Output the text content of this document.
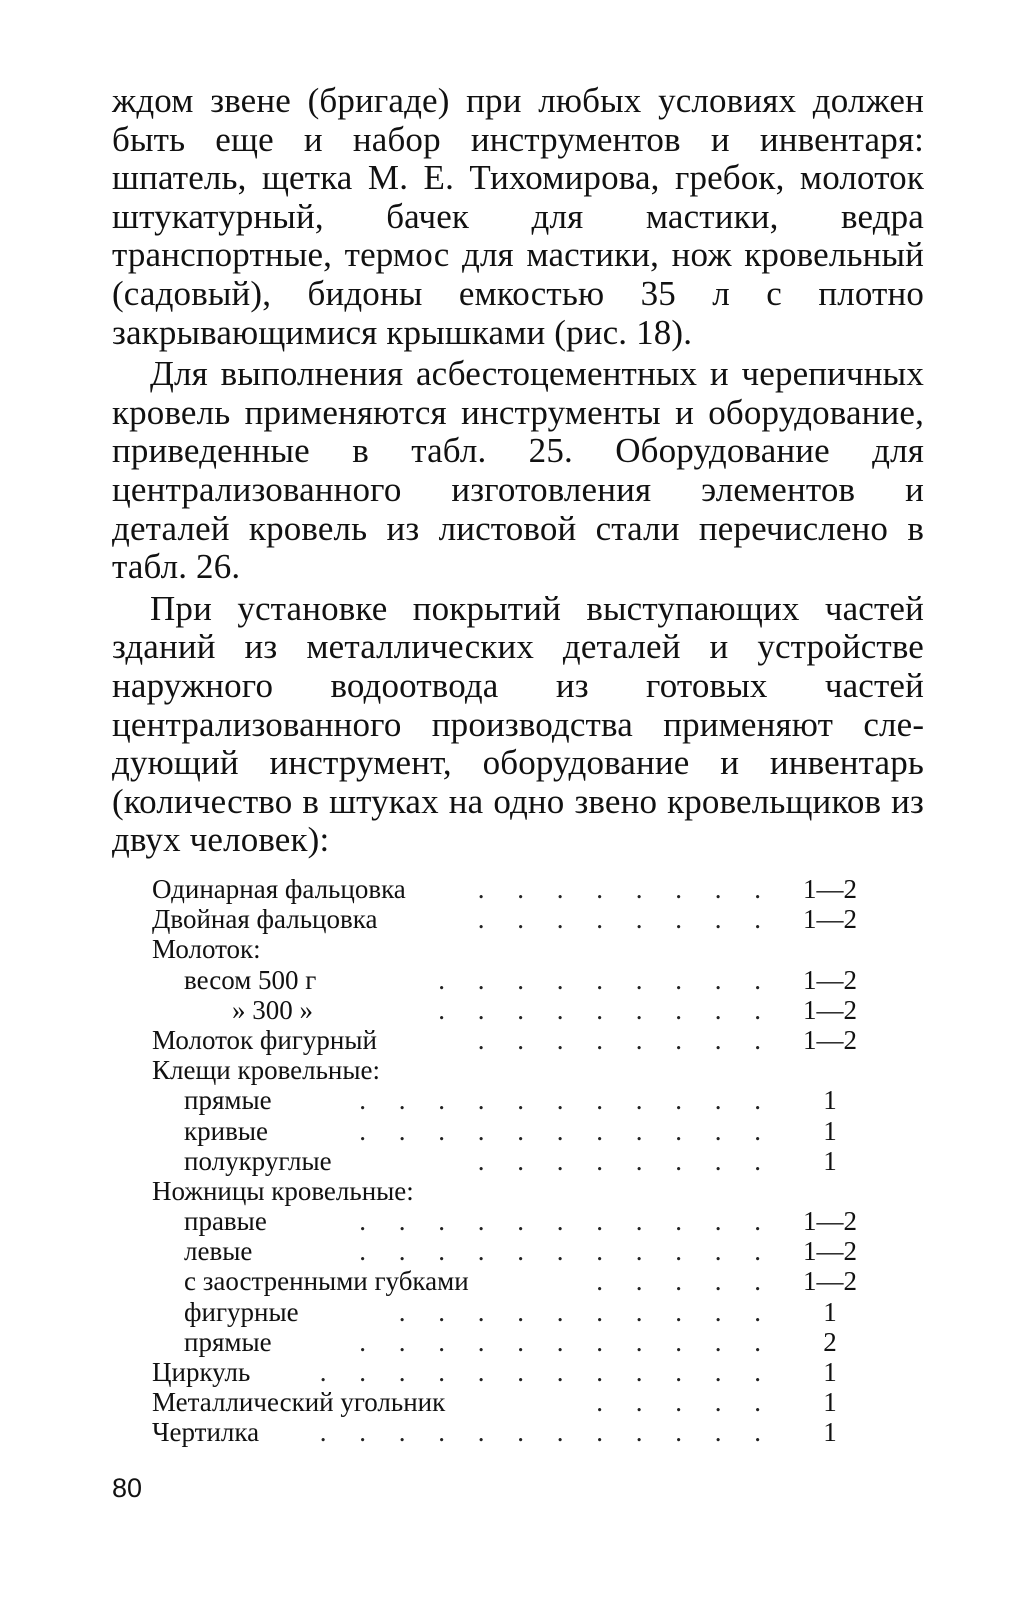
ждом звене (бригаде) при любых условиях должен быть еще и набор инструментов и инвентаря: шпатель, щетка М. Е. Тихомирова, гребок, молоток штукатурный, бачек для мастики, ведра транспортные, термос для мастики, нож кровельный (садовый), бидоны емкостью 35 л с плотно закрывающимися крышками (рис. 18).

Для выполнения асбестоцементных и черепичных кровель применяются инструменты и оборудование, приведенные в табл. 25. Оборудование для централизованного изготовления элементов и деталей кровель из листовой стали перечислено в табл. 26.

При установке покрытий выступающих частей зданий из металлических деталей и устройстве наружного водоотвода из готовых частей централизованного производства применяют следующий инструмент, оборудование и инвентарь (количество в штуках на одно звено кровельщиков из двух человек):

Одинарная фальцовка	. . . . . . . .	1—2
Двойная фальцовка	. . . . . . . .	1—2
Молоток:
весом 500 г	. . . . . . . . .	1—2
» 300 »	. . . . . . . . .	1—2
Молоток фигурный	. . . . . . . .	1—2
Клещи кровельные:
прямые	. . . . . . . . . . .	1
кривые	. . . . . . . . . . .	1
полукруглые	. . . . . . . .	1
Ножницы кровельные:
правые	. . . . . . . . . . .	1—2
левые	. . . . . . . . . . .	1—2
с заостренными губками	. . . . .	1—2
фигурные	. . . . . . . . . .	1
прямые	. . . . . . . . . . .	2
Циркуль	. . . . . . . . . . . .	1
Металлический угольник	. . . . .	1
Чертилка . . . . . . . . . . . .	1
80
